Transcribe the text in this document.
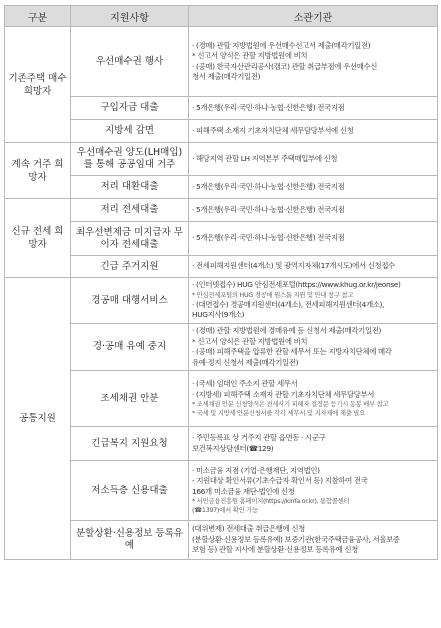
구분	지원사항	소관기관
기존주택 매수 희망자	우선매수권 행사	· (경매) 관할 지방법원에 우선매수신고서 제출(매각기일전)
* 신고서 양식은 관할 지방법원에 비치
· (공매) 한국자산관리공사(캠코) 관할 취급부점에 우선매수신
청서 제출(매각기일전)

	구입자금 대출	· 5개은행(우리·국민·하나·농협·신한은행) 전국지점

	지방세 감면	· 피해주택 소재지 기초자치단체 세무담당부서에 신청

계속 거주 희망자	우선매수권 양도(LH매입)를 통해 공공임대 거주	· 해당지역 관할 LH 지역본부 주택매입부에 신청

	저리 대환대출	· 5개은행(우리·국민·하나·농협·신한은행) 전국지점

신규 전세 희망자	저리 전세대출	· 5개은행(우리·국민·하나·농협·신한은행) 전국지점

	최우선변제금 미지급자 무이자 전세대출	· 5개은행(우리·국민·하나·농협·신한은행) 전국지점

	긴급 주거지원	· 전세피해지원센터(4개소) 및 광역지자체(17개시도)에서 신청접수

공통지원	경공매 대행서비스	· (인터넷접수) HUG 안심전세포털(https://www.khug.or.kr/jeonse)
* 안심전세포털의 HUG 경공매 원스톱 지원 및 안내 창구 참고
· (대면접수) 경공매지원센터(4개소), 전세피해지원센터(4개소),
HUG지사(9개소)

	경·공매 유예 중지	· (경매) 관할 지방법원에 경매유예 등 신청서 제출(매각기일전)
* 신고서 양식은 관할 지방법원에 비치
· (공매) 피해주택을 압류한 관할 세무서 또는 지방자치단체에 매각
유예·정지 신청서 제출(매각기일전)

	조세채권 안분	· (국세) 임대인 주소지 관할 세무서
· (지방세) 피해주택 소재지 관할 기초자치단체 세무담당부서
* 조세채권 안분 신청양식은 전세사기 피해자 결정문 등기시 동봉 배부 참고
* 국세 및 지방세 안분신청서를 각각 세무서 및 지자체에 제출 필요

	긴급복지 지원요청	· 주민등록표 상 거주지 관할 읍면동 · 시군구
보건복지상담센터(☎129)

	저소득층 신용대출	· 미소금융 지점 (기업·은행재단, 지역법인)
- 지원대상 확인서류(기초수급자 확인서 등) 지참하여 전국
166개 미소금융 재단·법인에 신청
* 서민금융진흥원 홈페이지(https://kinfa.or.kr), 통합콜센터
(☎1397)에서 확인 가능

	분할상환·신용정보 등록유예	(대위변제) 전세대출 취급은행에 신청
(분할상환·신용정보 등록유예) 보증기관(한국주택금융공사, 서울보증
보험 등) 관할 지사에 분할상환·신용정보 등록유예 신청
